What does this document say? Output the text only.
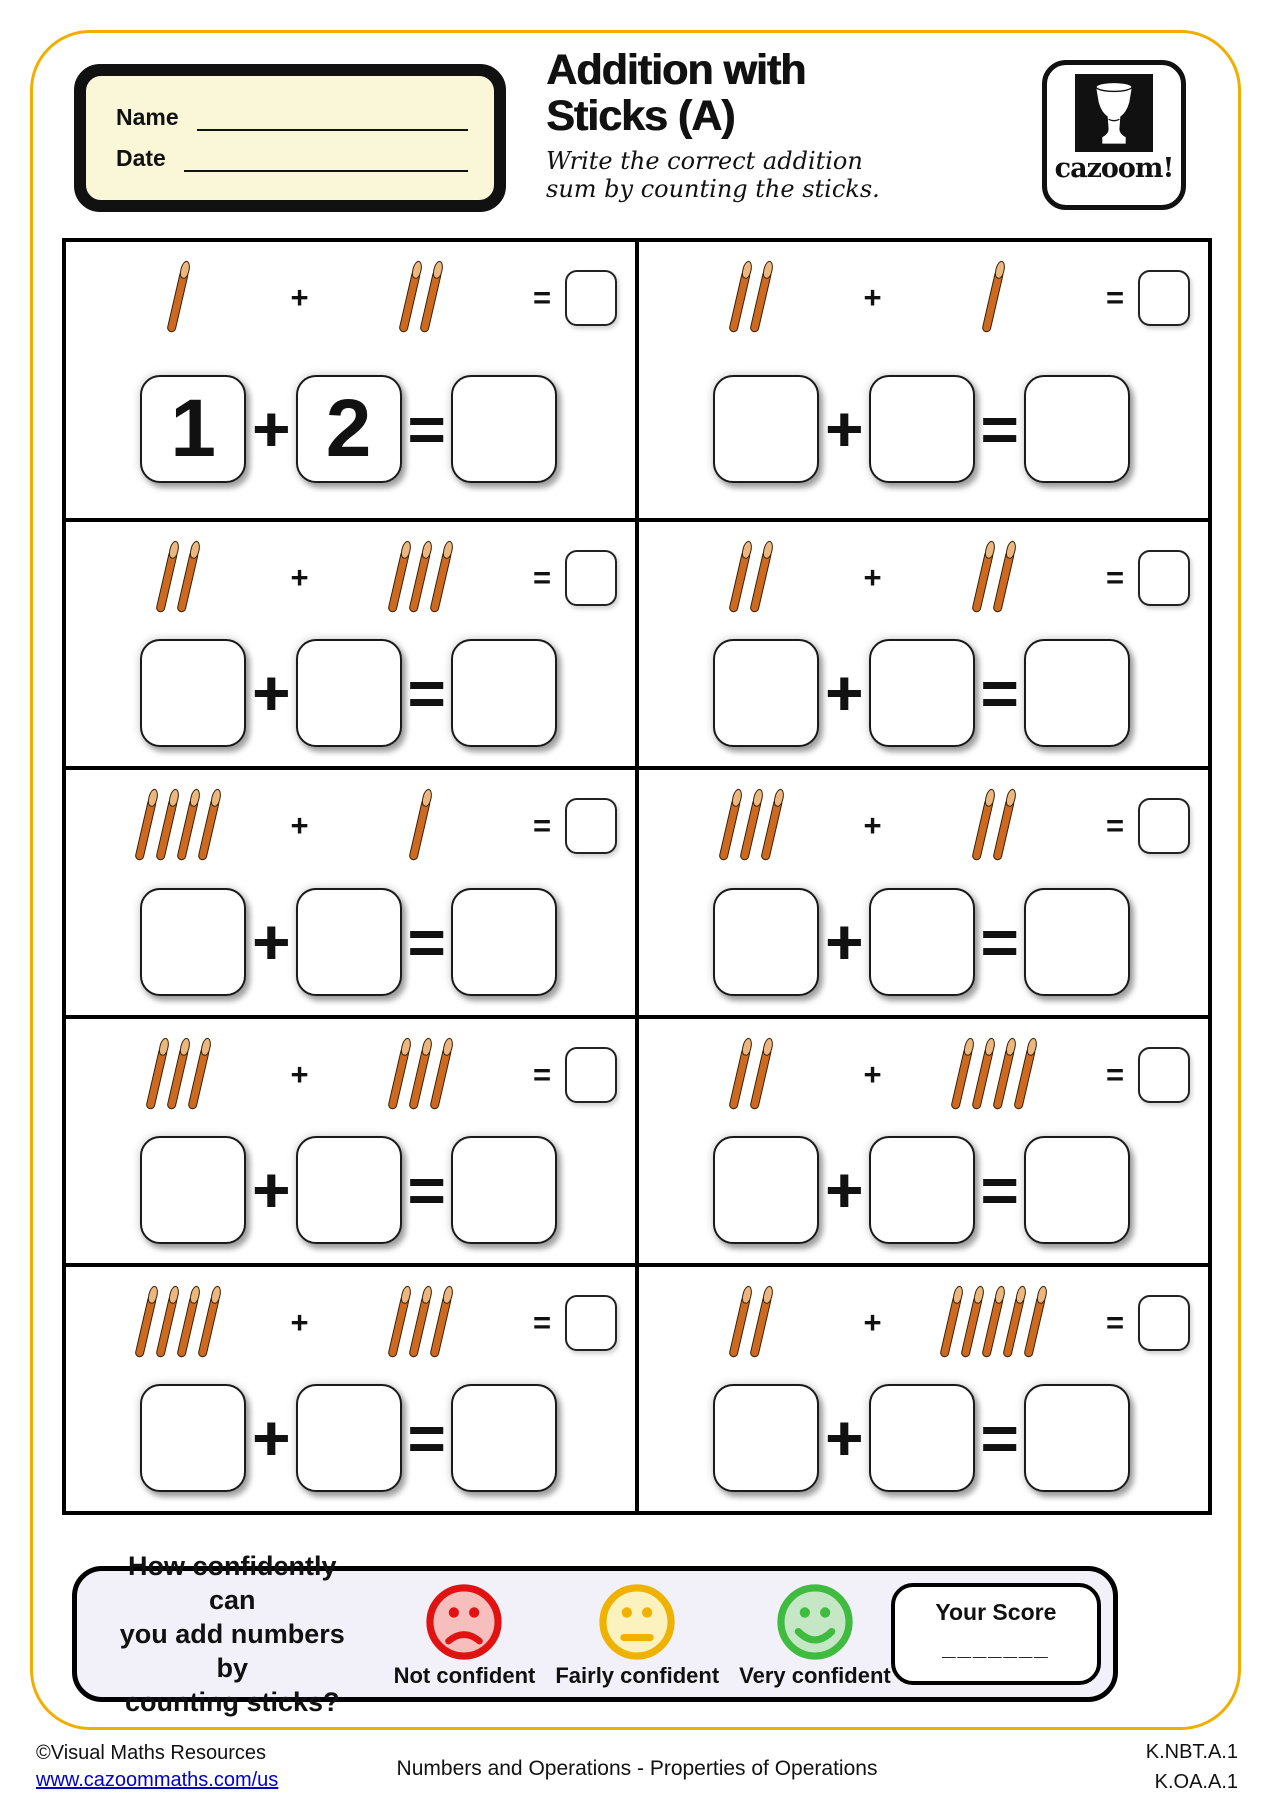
Name
Date
Addition with
Sticks (A)
Write the correct addition
sum by counting the sticks.
cazoom!
+	=
1 + 2 =
+	=
+ =
+	=
+ =
+	=
+ =
+	=
+ =
+	=
+ =
+	=
+ =
+	=
+ =
+	=
+ =
+	=
+ =
How confidently can
you add numbers by
counting sticks?
Not confident Fairly confident Very confident
Your Score
_______
©Visual Maths Resources
www.cazoommaths.com/us	Numbers and Operations - Properties of Operations
K.NBT.A.1
K.OA.A.1
